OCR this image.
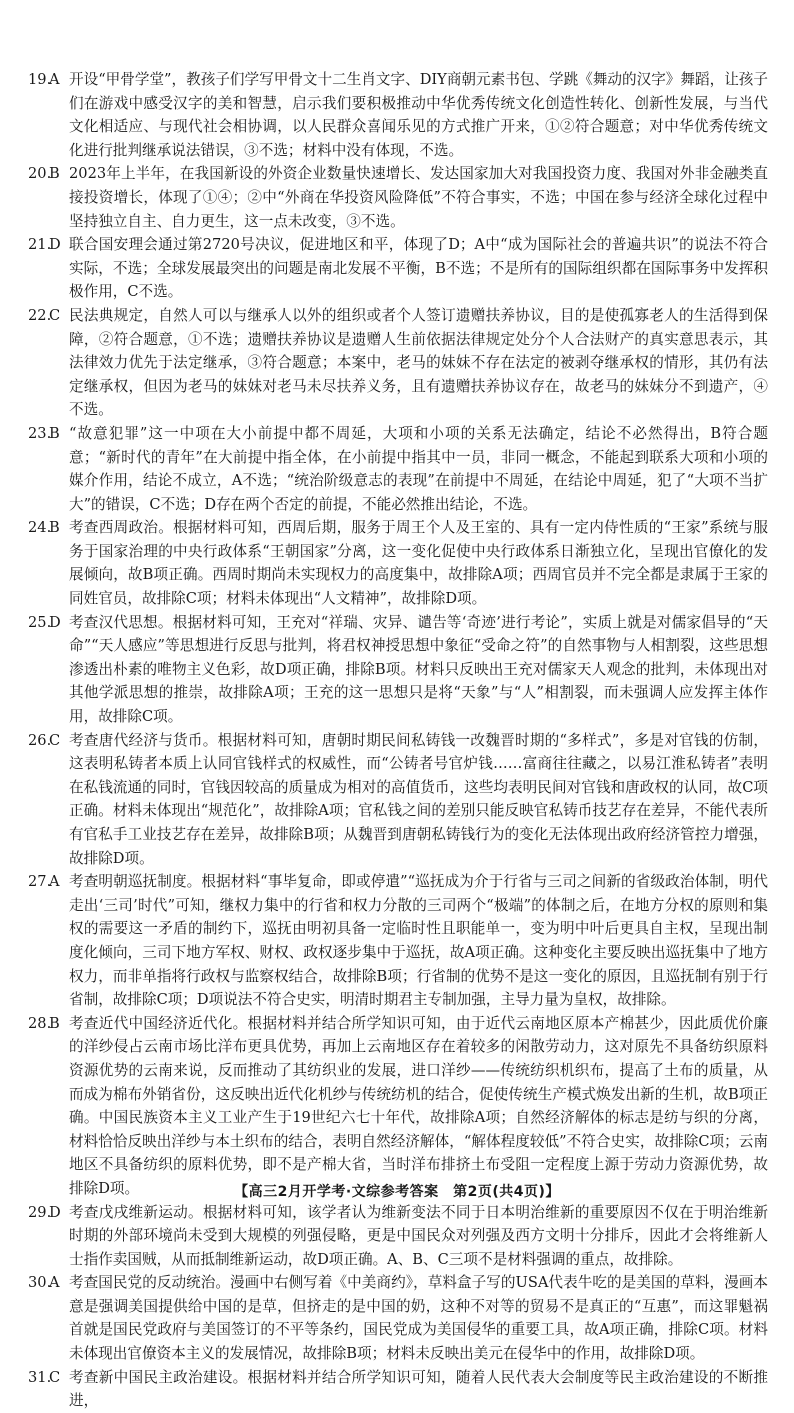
19.
A 开设“甲骨学堂”，教孩子们学写甲骨文十二生肖文字、DIY商朝元素书包、学跳《舞动的汉字》舞蹈，让孩子们在游戏中感受汉字的美和智慧，启示我们要积极推动中华优秀传统文化创造性转化、创新性发展，与当代文化相适应、与现代社会相协调，以人民群众喜闻乐见的方式推广开来，①②符合题意；对中华优秀传统文化进行批判继承说法错误，③不选；材料中没有体现，不选。
20.
B 2023年上半年，在我国新设的外资企业数量快速增长、发达国家加大对我国投资力度、我国对外非金融类直接投资增长，体现了①④；②中“外商在华投资风险降低”不符合事实，不选；中国在参与经济全球化过程中坚持独立自主、自力更生，这一点未改变，③不选。
21.
D 联合国安理会通过第2720号决议，促进地区和平，体现了D；A中“成为国际社会的普遍共识”的说法不符合实际，不选；全球发展最突出的问题是南北发展不平衡，B不选；不是所有的国际组织都在国际事务中发挥积极作用，C不选。
22.
C 民法典规定，自然人可以与继承人以外的组织或者个人签订遗赠扶养协议，目的是使孤寡老人的生活得到保障，②符合题意，①不选；遗赠扶养协议是遗赠人生前依据法律规定处分个人合法财产的真实意思表示，其法律效力优先于法定继承，③符合题意；本案中，老马的妹妹不存在法定的被剥夺继承权的情形，其仍有法定继承权，但因为老马的妹妹对老马未尽扶养义务，且有遗赠扶养协议存在，故老马的妹妹分不到遗产，④不选。
23.
B “故意犯罪”这一中项在大小前提中都不周延，大项和小项的关系无法确定，结论不必然得出，B符合题意；“新时代的青年”在大前提中指全体，在小前提中指其中一员，非同一概念，不能起到联系大项和小项的媒介作用，结论不成立，A不选；“统治阶级意志的表现”在前提中不周延，在结论中周延，犯了“大项不当扩大”的错误，C不选；D存在两个否定的前提，不能必然推出结论，不选。
24.
B 考查西周政治。根据材料可知，西周后期，服务于周王个人及王室的、具有一定内侍性质的“王家”系统与服务于国家治理的中央行政体系“王朝国家”分离，这一变化促使中央行政体系日渐独立化，呈现出官僚化的发展倾向，故B项正确。西周时期尚未实现权力的高度集中，故排除A项；西周官员并不完全都是隶属于王家的同姓官员，故排除C项；材料未体现出“人文精神”，故排除D项。
25.
D 考查汉代思想。根据材料可知，王充对“祥瑞、灾异、谴告等‘奇迹’进行考论”，实质上就是对儒家倡导的“天命”“天人感应”等思想进行反思与批判，将君权神授思想中象征“受命之符”的自然事物与人相割裂，这些思想渗透出朴素的唯物主义色彩，故D项正确，排除B项。材料只反映出王充对儒家天人观念的批判，未体现出对其他学派思想的推崇，故排除A项；王充的这一思想只是将“天象”与“人”相割裂，而未强调人应发挥主体作用，故排除C项。
26.
C 考查唐代经济与货币。根据材料可知，唐朝时期民间私铸钱一改魏晋时期的“多样式”，多是对官钱的仿制，这表明私铸者本质上认同官钱样式的权威性，而“公铸者号官炉钱……富商往往藏之，以易江淮私铸者”表明在私钱流通的同时，官钱因较高的质量成为相对的高值货币，这些均表明民间对官钱和唐政权的认同，故C项正确。材料未体现出“规范化”，故排除A项；官私钱之间的差别只能反映官私铸币技艺存在差异，不能代表所有官私手工业技艺存在差异，故排除B项；从魏晋到唐朝私铸钱行为的变化无法体现出政府经济管控力增强，故排除D项。
27.
A 考查明朝巡抚制度。根据材料“事毕复命，即或停遣”“巡抚成为介于行省与三司之间新的省级政治体制，明代走出‘三司’时代”可知，继权力集中的行省和权力分散的三司两个“极端”的体制之后，在地方分权的原则和集权的需要这一矛盾的制约下，巡抚由明初具备一定临时性且职能单一，变为明中叶后更具自主权，呈现出制度化倾向，三司下地方军权、财权、政权逐步集中于巡抚，故A项正确。这种变化主要反映出巡抚集中了地方权力，而非单指将行政权与监察权结合，故排除B项；行省制的优势不是这一变化的原因，且巡抚制有别于行省制，故排除C项；D项说法不符合史实，明清时期君主专制加强，主导力量为皇权，故排除。
28.
B 考查近代中国经济近代化。根据材料并结合所学知识可知，由于近代云南地区原本产棉甚少，因此质优价廉的洋纱侵占云南市场比洋布更具优势，再加上云南地区存在着较多的闲散劳动力，这对原先不具备纺织原料资源优势的云南来说，反而推动了其纺织业的发展，进口洋纱——传统纺织机织布，提高了土布的质量，从而成为棉布外销省份，这反映出近代化机纱与传统纺机的结合，促使传统生产模式焕发出新的生机，故B项正确。中国民族资本主义工业产生于19世纪六七十年代，故排除A项；自然经济解体的标志是纺与织的分离，材料恰恰反映出洋纱与本土织布的结合，表明自然经济解体，“解体程度较低”不符合史实，故排除C项；云南地区不具备纺织的原料优势，即不是产棉大省，当时洋布排挤土布受阻一定程度上源于劳动力资源优势，故排除D项。
29.
D 考查戊戌维新运动。根据材料可知，该学者认为维新变法不同于日本明治维新的重要原因不仅在于明治维新时期的外部环境尚未受到大规模的列强侵略，更是中国民众对列强及西方文明十分排斥，因此才会将维新人士指作卖国贼，从而抵制维新运动，故D项正确。A、B、C三项不是材料强调的重点，故排除。
30.
A 考查国民党的反动统治。漫画中右侧写着《中美商约》，草料盒子写的USA代表牛吃的是美国的草料，漫画本意是强调美国提供给中国的是草，但挤走的是中国的奶，这种不对等的贸易不是真正的“互惠”，而这罪魁祸首就是国民党政府与美国签订的不平等条约，国民党成为美国侵华的重要工具，故A项正确，排除C项。材料未体现出官僚资本主义的发展情况，故排除B项；材料未反映出美元在侵华中的作用，故排除D项。
31.
C 考查新中国民主政治建设。根据材料并结合所学知识可知，随着人民代表大会制度等民主政治建设的不断推进，
【高三2月开学考·文综参考答案　第2页(共4页)】
